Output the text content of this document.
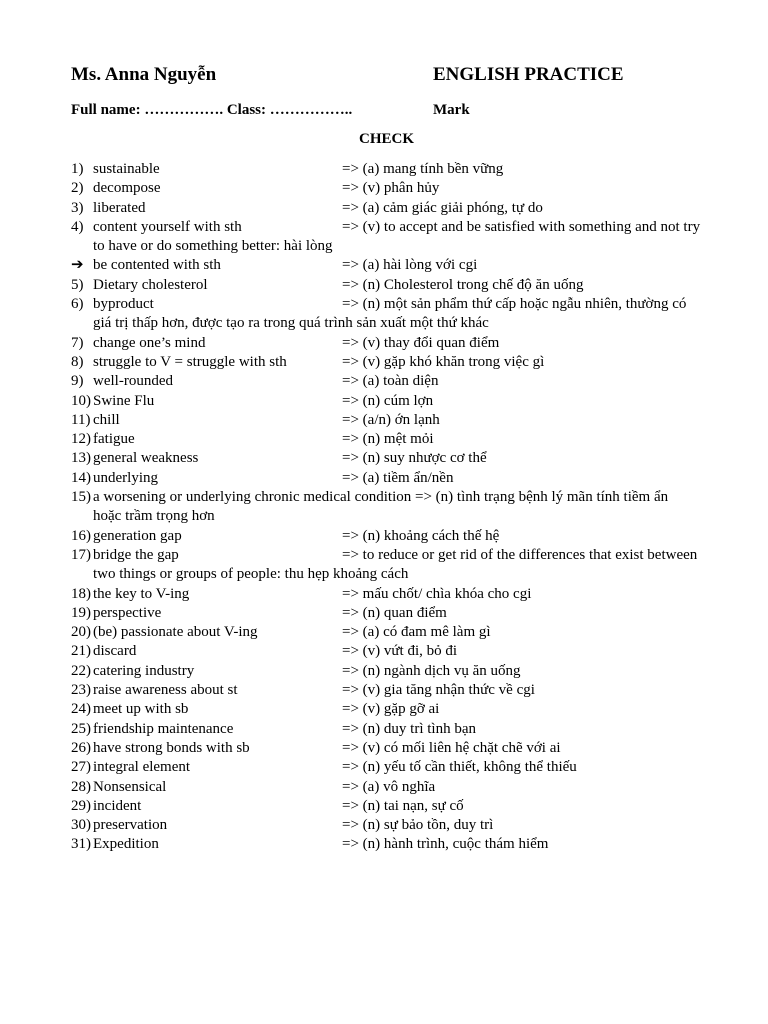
Ms. Anna Nguyễn	ENGLISH PRACTICE
Full name: ……………. Class: ……………..	Mark
CHECK
1) sustainable	=> (a) mang tính bền vững
2) decompose	=> (v) phân hủy
3) liberated	=> (a) cảm giác giải phóng, tự do
4) content yourself with sth	=> (v) to accept and be satisfied with something and not try
to have or do something better: hài lòng
➔ be contented with sth	=> (a) hài lòng với cgi
5) Dietary cholesterol	=> (n) Cholesterol trong chế độ ăn uống
6) byproduct	=> (n) một sản phẩm thứ cấp hoặc ngẫu nhiên, thường có
giá trị thấp hơn, được tạo ra trong quá trình sản xuất một thứ khác
7) change one’s mind	=> (v) thay đổi quan điểm
8) struggle to V = struggle with sth	=> (v) gặp khó khăn trong việc gì
9) well-rounded	=> (a) toàn diện
10) Swine Flu	=> (n) cúm lợn
11) chill	=> (a/n) ớn lạnh
12) fatigue	=> (n) mệt mỏi
13) general weakness	=> (n) suy nhược cơ thể
14) underlying	=> (a) tiềm ẩn/nền
15) a worsening or underlying chronic medical condition => (n) tình trạng bệnh lý mãn tính tiềm ẩn
hoặc trầm trọng hơn
16) generation gap	=> (n) khoảng cách thế hệ
17) bridge the gap	=> to reduce or get rid of the differences that exist between
two things or groups of people: thu hẹp khoảng cách
18) the key to V-ing	=> mấu chốt/ chìa khóa cho cgi
19) perspective	=> (n) quan điểm
20) (be) passionate about V-ing	=> (a) có đam mê làm gì
21) discard	=> (v) vứt đi, bỏ đi
22) catering industry	=> (n) ngành dịch vụ ăn uống
23) raise awareness about st	=> (v) gia tăng nhận thức về cgi
24) meet up with sb	=> (v) gặp gỡ ai
25) friendship maintenance	=> (n) duy trì tình bạn
26) have strong bonds with sb	=> (v) có mối liên hệ chặt chẽ với ai
27) integral element	=> (n) yếu tố cần thiết, không thể thiếu
28) Nonsensical	=> (a) vô nghĩa
29) incident	=> (n) tai nạn, sự cố
30) preservation	=> (n) sự bảo tồn, duy trì
31) Expedition	=> (n) hành trình, cuộc thám hiểm
